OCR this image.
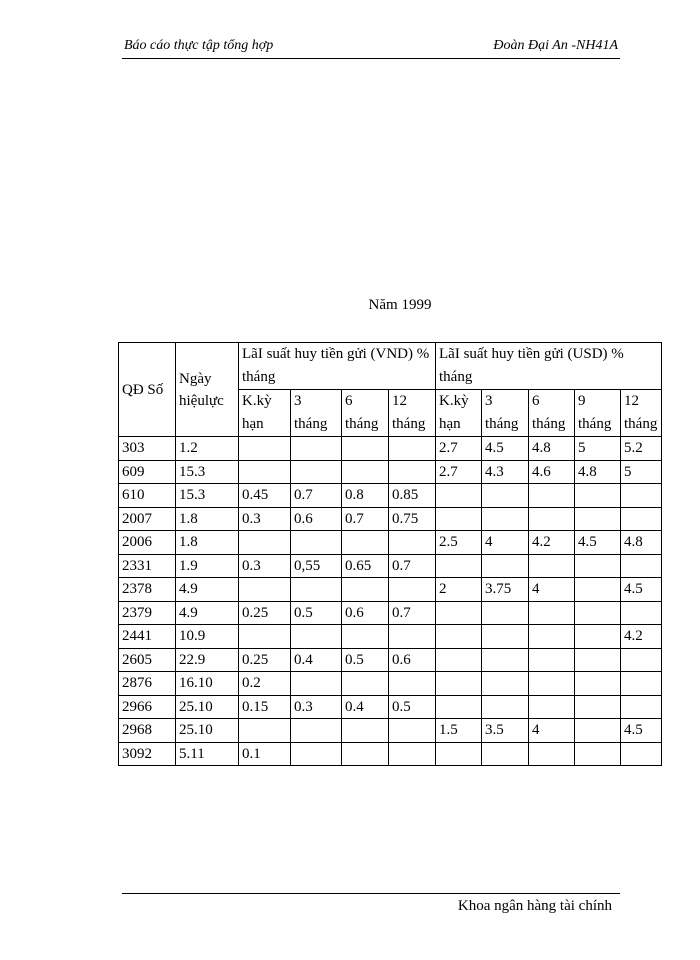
Báo cáo thực tập tổng hợp	Đoàn Đại An -NH41A
Năm 1999
QĐ Số	Ngày hiệulực	LãI suất huy tiền gửi (VND) % tháng				LãI suất huy tiền gửi (USD) % tháng				
		K.kỳ hạn	3 tháng	6 tháng	12 tháng	K.kỳ hạn	3 tháng	6 tháng	9 tháng	12 tháng
303	1.2					2.7	4.5	4.8	5	5.2
609	15.3					2.7	4.3	4.6	4.8	5
610	15.3	0.45	0.7	0.8	0.85					
2007	1.8	0.3	0.6	0.7	0.75					
2006	1.8					2.5	4	4.2	4.5	4.8
2331	1.9	0.3	0,55	0.65	0.7					
2378	4.9					2	3.75	4		4.5
2379	4.9	0.25	0.5	0.6	0.7					
2441	10.9									4.2
2605	22.9	0.25	0.4	0.5	0.6					
2876	16.10	0.2								
2966	25.10	0.15	0.3	0.4	0.5					
2968	25.10					1.5	3.5	4		4.5
3092	5.11	0.1								
Khoa ngân hàng tài chính
